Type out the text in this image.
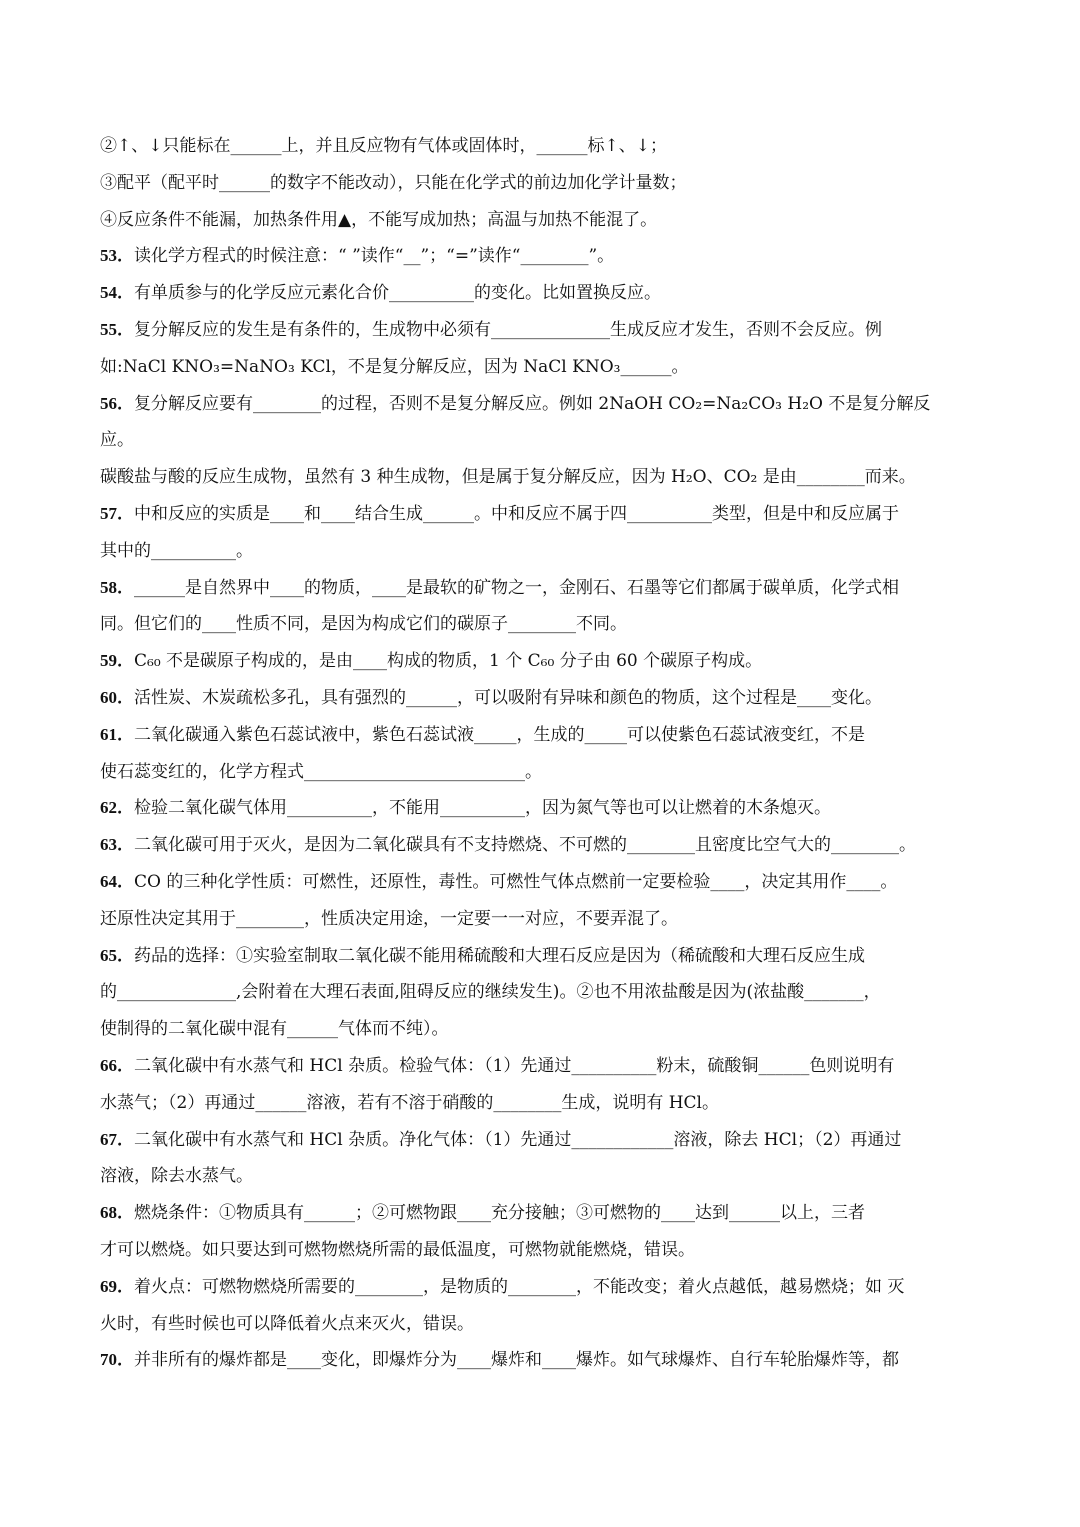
②↑、↓只能标在______上，并且反应物有气体或固体时，______标↑、↓；
③配平（配平时______的数字不能改动），只能在化学式的前边加化学计量数；
④反应条件不能漏，加热条件用▲，不能写成加热；高温与加热不能混了。
53．读化学方程式的时候注意：“ ”读作“__”；“=”读作“________”。
54．有单质参与的化学反应元素化合价__________的变化。比如置换反应。
55．复分解反应的发生是有条件的，生成物中必须有______________生成反应才发生，否则不会反应。例
如:NaCl KNO₃=NaNO₃ KCl，不是复分解反应，因为 NaCl KNO₃______。
56．复分解反应要有________的过程，否则不是复分解反应。例如 2NaOH CO₂=Na₂CO₃ H₂O 不是复分解反
应。
碳酸盐与酸的反应生成物，虽然有 3 种生成物，但是属于复分解反应，因为 H₂O、CO₂ 是由________而来。
57．中和反应的实质是____和____结合生成______。中和反应不属于四__________类型，但是中和反应属于
其中的__________。
58．______是自然界中____的物质，____是最软的矿物之一，金刚石、石墨等它们都属于碳单质，化学式相
同。但它们的____性质不同，是因为构成它们的碳原子________不同。
59．C₆₀ 不是碳原子构成的，是由____构成的物质，1 个 C₆₀ 分子由 60 个碳原子构成。
60．活性炭、木炭疏松多孔，具有强烈的______，可以吸附有异味和颜色的物质，这个过程是____变化。
61．二氧化碳通入紫色石蕊试液中，紫色石蕊试液_____，生成的_____可以使紫色石蕊试液变红，不是
使石蕊变红的，化学方程式__________________________。
62．检验二氧化碳气体用__________，不能用__________，因为氮气等也可以让燃着的木条熄灭。
63．二氧化碳可用于灭火，是因为二氧化碳具有不支持燃烧、不可燃的________且密度比空气大的________。
64．CO 的三种化学性质：可燃性，还原性，毒性。可燃性气体点燃前一定要检验____，决定其用作____。
还原性决定其用于________，性质决定用途，一定要一一对应，不要弄混了。
65．药品的选择：①实验室制取二氧化碳不能用稀硫酸和大理石反应是因为（稀硫酸和大理石反应生成
的______________,会附着在大理石表面,阻碍反应的继续发生)。②也不用浓盐酸是因为(浓盐酸_______，
使制得的二氧化碳中混有______气体而不纯）。
66．二氧化碳中有水蒸气和 HCl 杂质。检验气体：（1）先通过__________粉末，硫酸铜______色则说明有
水蒸气；（2）再通过______溶液，若有不溶于硝酸的________生成，说明有 HCl。
67．二氧化碳中有水蒸气和 HCl 杂质。净化气体：（1）先通过____________溶液，除去 HCl；（2）再通过
溶液，除去水蒸气。
68．燃烧条件：①物质具有______；②可燃物跟____充分接触；③可燃物的____达到______以上，三者
才可以燃烧。如只要达到可燃物燃烧所需的最低温度，可燃物就能燃烧，错误。
69．着火点：可燃物燃烧所需要的________，是物质的________，不能改变；着火点越低，越易燃烧；如 灭
火时，有些时候也可以降低着火点来灭火，错误。
70．并非所有的爆炸都是____变化，即爆炸分为____爆炸和____爆炸。如气球爆炸、自行车轮胎爆炸等，都
